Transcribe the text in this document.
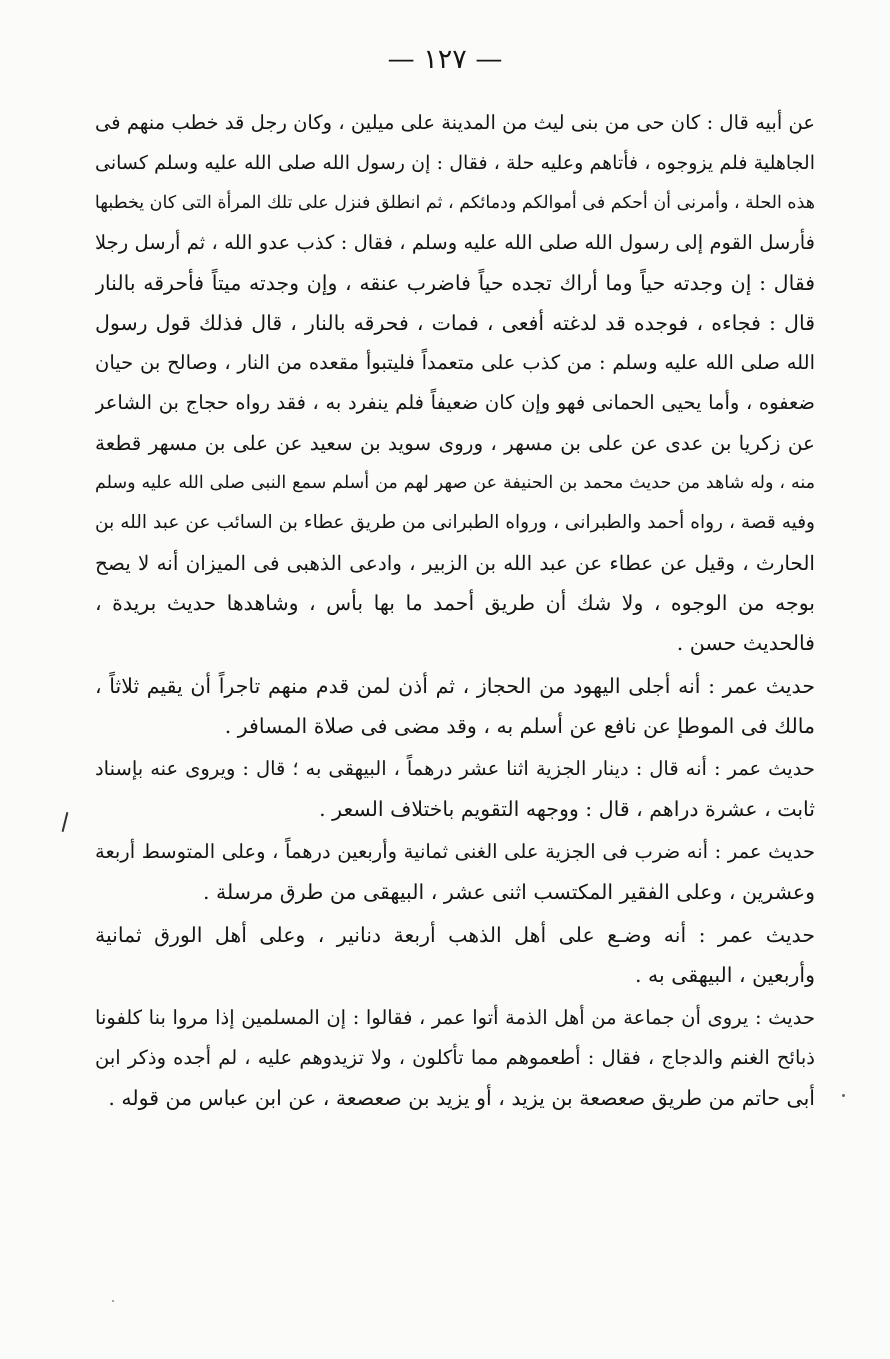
— ١٢٧ —
عن أبيه قال : كان حى من بنى ليث من المدينة على ميلين ، وكان رجل قد خطب منهم فى
الجاهلية فلم يزوجوه ، فأتاهم وعليه حلة ، فقال : إن رسول الله صلى الله عليه وسلم كسانى
هذه الحلة ، وأمرنى أن أحكم فى أموالكم ودمائكم ، ثم انطلق فنزل على تلك المرأة التى كان يخطبها
فأرسل القوم إلى رسول الله صلى الله عليه وسلم ، فقال : كذب عدو الله ، ثم أرسل رجلا
فقال : إن وجدته حياً وما أراك تجده حياً فاضرب عنقه ، وإن وجدته ميتاً فأحرقه بالنار
قال : فجاءه ، فوجده قد لدغته أفعى ، فمات ، فحرقه بالنار ، قال فذلك قول رسول
الله صلى الله عليه وسلم : من كذب على متعمداً فليتبوأ مقعده من النار ، وصالح بن حيان
ضعفوه ، وأما يحيى الحمانى فهو وإن كان ضعيفاً فلم ينفرد به ، فقد رواه حجاج بن الشاعر
عن زكريا بن عدى عن على بن مسهر ، وروى سويد بن سعيد عن على بن مسهر قطعة
منه ، وله شاهد من حديث محمد بن الحنيفة عن صهر لهم من أسلم سمع النبى صلى الله عليه وسلم
وفيه قصة ، رواه أحمد والطبرانى ، ورواه الطبرانى من طريق عطاء بن السائب عن عبد الله بن
الحارث ، وقيل عن عطاء عن عبد الله بن الزبير ، وادعى الذهبى فى الميزان أنه لا يصح
بوجه من الوجوه ، ولا شك أن طريق أحمد ما بها بأس ، وشاهدها حديث بريدة ،
فالحديث حسن .
حديث عمر : أنه أجلى اليهود من الحجاز ، ثم أذن لمن قدم منهم تاجراً أن يقيم ثلاثاً ،
مالك فى الموطإ عن نافع عن أسلم به ، وقد مضى فى صلاة المسافر .
حديث عمر : أنه قال : دينار الجزية اثنا عشر درهماً ، البيهقى به ؛ قال : ويروى عنه بإسناد
ثابت ، عشرة دراهم ، قال : ووجهه التقويم باختلاف السعر .
حديث عمر : أنه ضرب فى الجزية على الغنى ثمانية وأربعين درهماً ، وعلى المتوسط أربعة
وعشرين ، وعلى الفقير المكتسب اثنى عشر ، البيهقى من طرق مرسلة .
حديث عمر : أنه وضـع على أهل الذهب أربعة دنانير ، وعلى أهل الورق ثمانية
وأربعين ، البيهقى به .
حديث : يروى أن جماعة من أهل الذمة أتوا عمر ، فقالوا : إن المسلمين إذا مروا بنا كلفونا
ذبائح الغنم والدجاج ، فقال : أطعموهم مما تأكلون ، ولا تزيدوهم عليه ، لم أجده وذكر ابن
أبى حاتم من طريق صعصعة بن يزيد ، أو يزيد بن صعصعة ، عن ابن عباس من قوله .
